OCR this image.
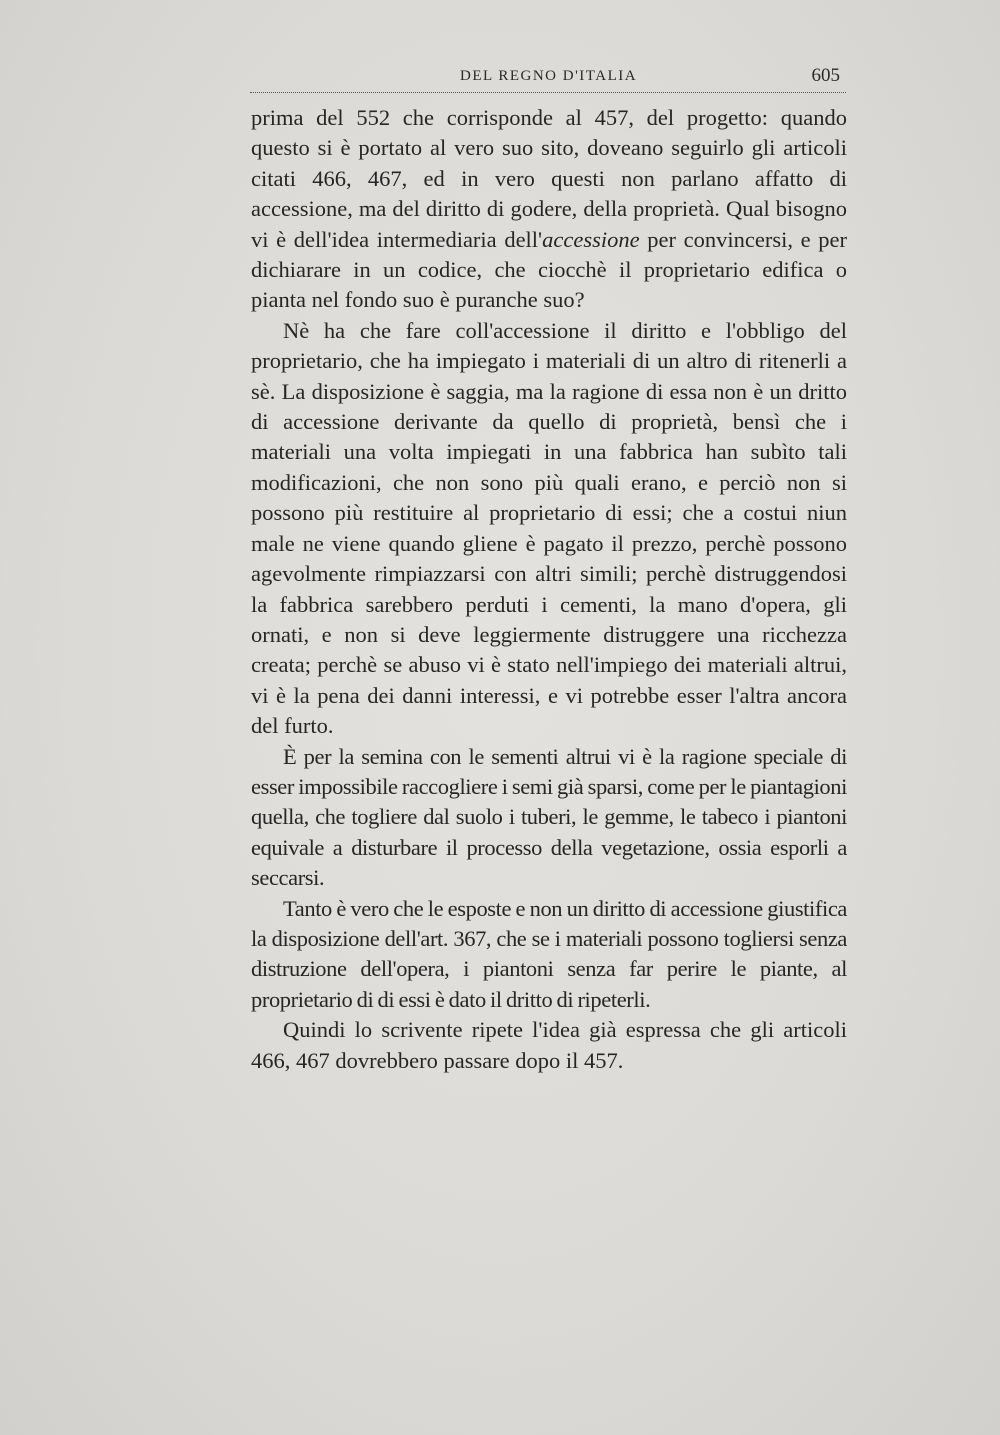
DEL REGNO D'ITALIA	605

prima del 552 che corrisponde al 457, del progetto: quando questo si è portato al vero suo sito, doveano seguirlo gli articoli citati 466, 467, ed in vero questi non parlano affatto di accessione, ma del diritto di godere, della proprietà. Qual bisogno vi è dell'idea intermediaria dell'accessione per convincersi, e per dichiarare in un codice, che ciocchè il proprietario edifica o pianta nel fondo suo è puranche suo?

Nè ha che fare coll'accessione il diritto e l'obbligo del proprietario, che ha impiegato i materiali di un altro di ritenerli a sè. La disposizione è saggia, ma la ragione di essa non è un dritto di accessione derivante da quello di proprietà, bensì che i materiali una volta impiegati in una fabbrica han subìto tali modificazioni, che non sono più quali erano, e perciò non si possono più restituire al proprietario di essi; che a costui niun male ne viene quando gliene è pagato il prezzo, perchè possono agevolmente rimpiazzarsi con altri simili; perchè distruggendosi la fabbrica sarebbero perduti i cementi, la mano d'opera, gli ornati, e non si deve leggiermente distruggere una ricchezza creata; perchè se abuso vi è stato nell'impiego dei materiali altrui, vi è la pena dei danni interessi, e vi potrebbe esser l'altra ancora del furto.

È per la semina con le sementi altrui vi è la ragione speciale di esser impossibile raccogliere i semi già sparsi, come per le piantagioni quella, che togliere dal suolo i tuberi, le gemme, le tabeco i piantoni equivale a disturbare il processo della vegetazione, ossia esporli a seccarsi.

Tanto è vero che le esposte e non un diritto di accessione giustifica la disposizione dell'art. 367, che se i materiali possono togliersi senza distruzione dell'opera, i piantoni senza far perire le piante, al proprietario di di essi è dato il dritto di ripeterli.

Quindi lo scrivente ripete l'idea già espressa che gli articoli 466, 467 dovrebbero passare dopo il 457.
